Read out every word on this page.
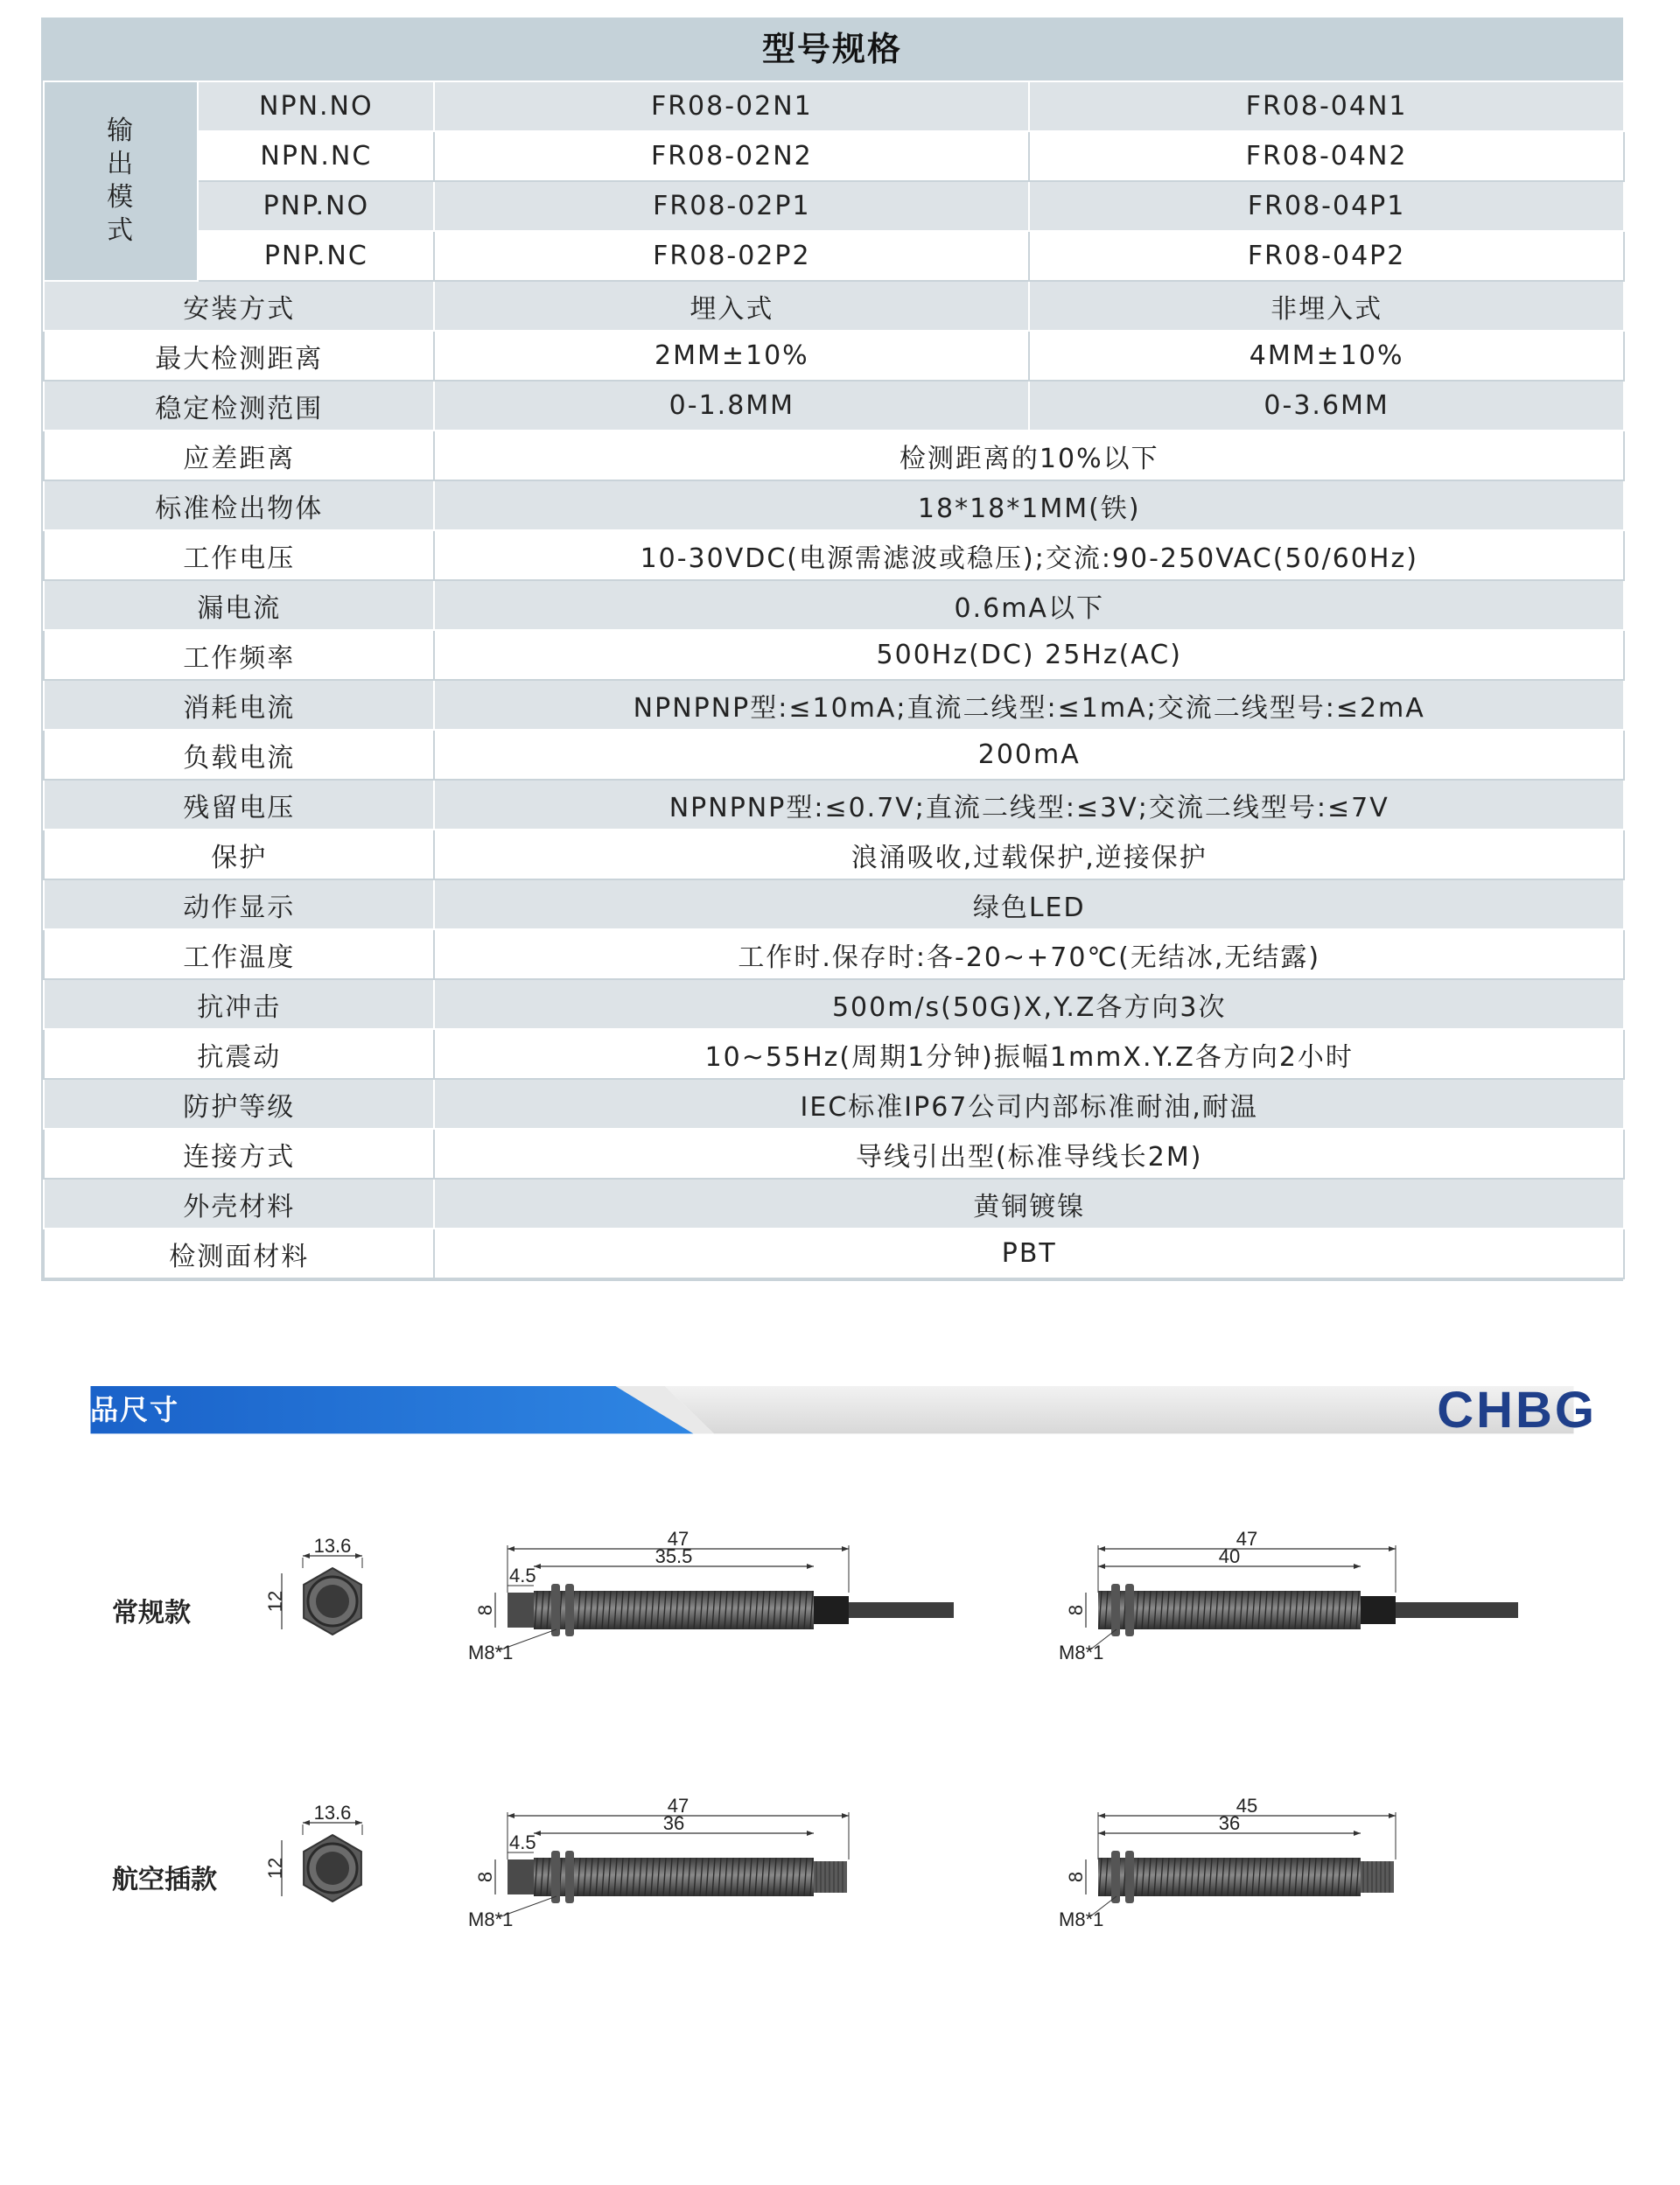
型号规格
输出模式	NPN.NO	FR08-02N1	FR08-04N1
	NPN.NC	FR08-02N2	FR08-04N2
	PNP.NO	FR08-02P1	FR08-04P1
	PNP.NC	FR08-02P2	FR08-04P2
安装方式		埋入式	非埋入式
最大检测距离		2MM±10%	4MM±10%
稳定检测范围		0-1.8MM	0-3.6MM
应差距离		检测距离的10%以下	
标准检出物体		18*18*1MM(铁)	
工作电压		10-30VDC(电源需滤波或稳压);交流:90-250VAC(50/60Hz)	
漏电流		0.6mA以下	
工作频率		500Hz(DC) 25Hz(AC)	
消耗电流		NPNPNP型:≤10mA;直流二线型:≤1mA;交流二线型号:≤2mA	
负载电流		200mA	
残留电压		NPNPNP型:≤0.7V;直流二线型:≤3V;交流二线型号:≤7V	
保护		浪涌吸收,过载保护,逆接保护	
动作显示		绿色LED	
工作温度		工作时.保存时:各-20~+70℃(无结冰,无结露)	
抗冲击		500m/s(50G)X,Y.Z各方向3次	
抗震动		10~55Hz(周期1分钟)振幅1mmX.Y.Z各方向2小时	
防护等级		IEC标准IP67公司内部标准耐油,耐温	
连接方式		导线引出型(标准导线长2M)	
外壳材料		黄铜镀镍	
检测面材料		PBT	
产品尺寸	CHBG
常规款
13.6
12
47
35.5
4.5
8
M8*1
47
40
8
M8*1
航空插款
13.6
12
47
36
4.5
8
M8*1
45
36
8
M8*1
